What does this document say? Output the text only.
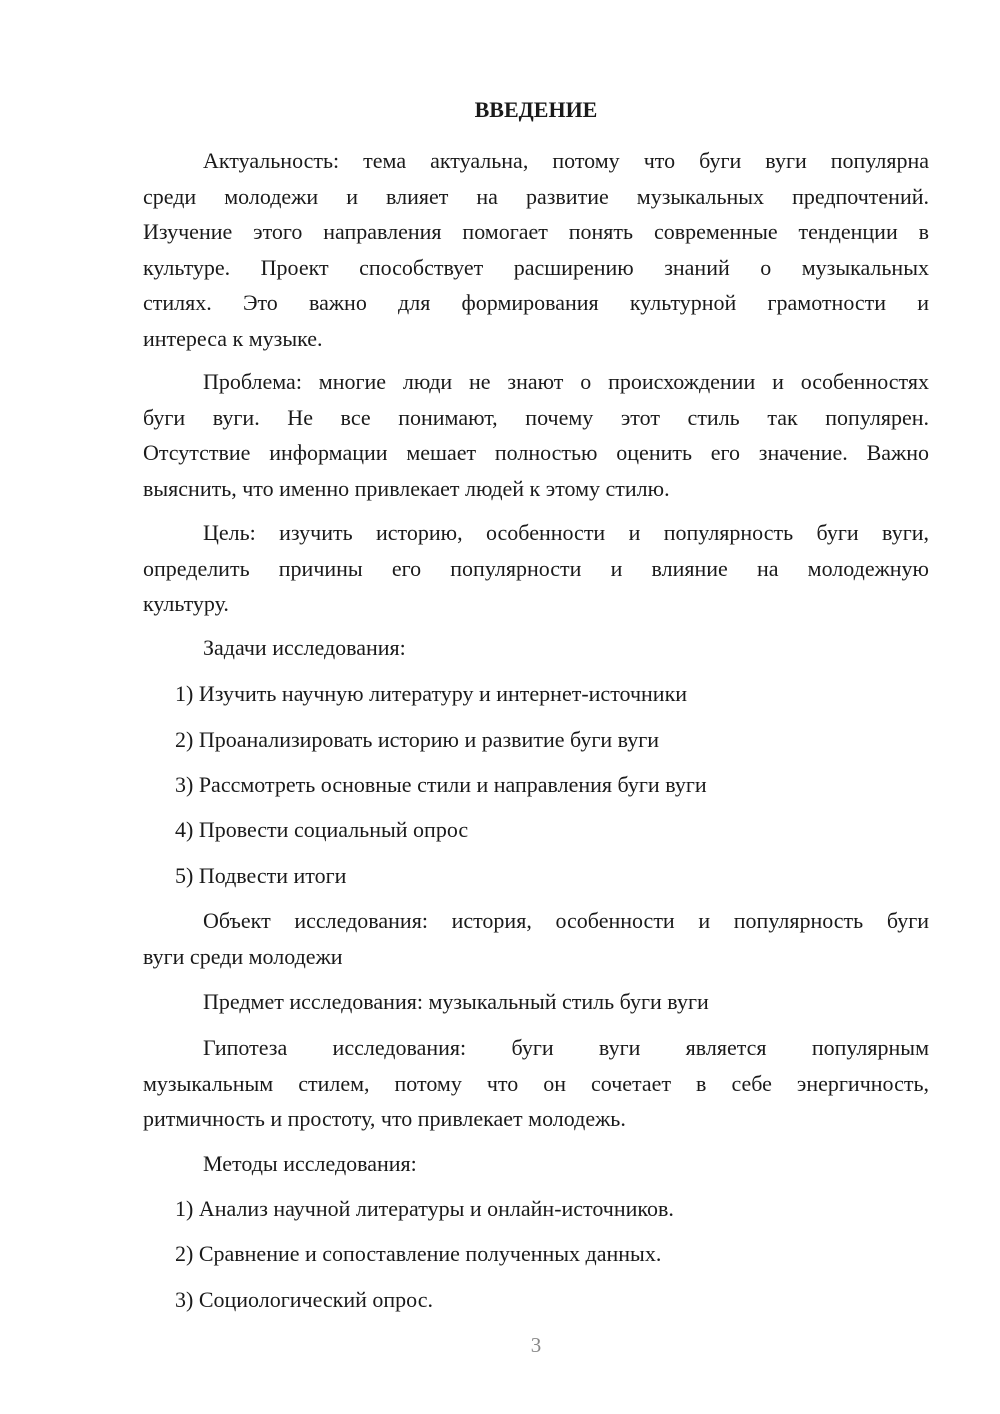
ВВЕДЕНИЕ
Актуальность: тема актуальна, потому что буги вуги популярна
среди молодежи и влияет на развитие музыкальных предпочтений.
Изучение этого направления помогает понять современные тенденции в
культуре. Проект способствует расширению знаний о музыкальных
стилях. Это важно для формирования культурной грамотности и
интереса к музыке.
Проблема: многие люди не знают о происхождении и особенностях
буги вуги. Не все понимают, почему этот стиль так популярен.
Отсутствие информации мешает полностью оценить его значение. Важно
выяснить, что именно привлекает людей к этому стилю.
Цель: изучить историю, особенности и популярность буги вуги,
определить причины его популярности и влияние на молодежную
культуру.
Задачи исследования:
1) Изучить научную литературу и интернет-источники
2) Проанализировать историю и развитие буги вуги
3) Рассмотреть основные стили и направления буги вуги
4) Провести социальный опрос
5) Подвести итоги
Объект исследования: история, особенности и популярность буги
вуги среди молодежи
Предмет исследования: музыкальный стиль буги вуги
Гипотеза исследования: буги вуги является популярным
музыкальным стилем, потому что он сочетает в себе энергичность,
ритмичность и простоту, что привлекает молодежь.
Методы исследования:
1) Анализ научной литературы и онлайн-источников.
2) Сравнение и сопоставление полученных данных.
3) Социологический опрос.
3
